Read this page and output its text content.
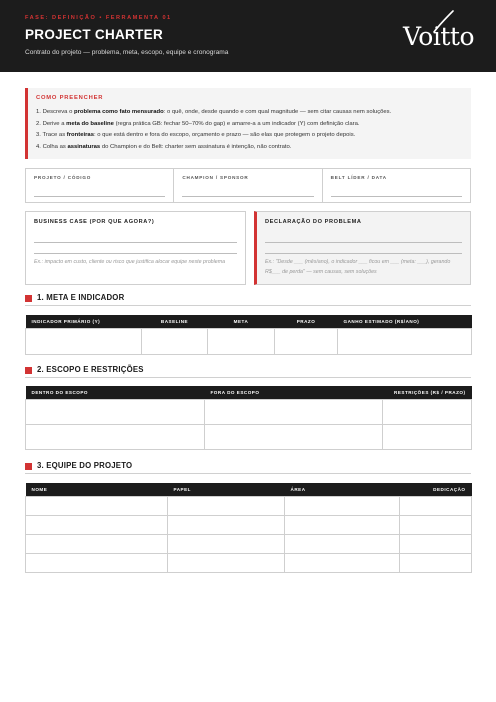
FASE: DEFINIÇÃO • FERRAMENTA 01
PROJECT CHARTER
Contrato do projeto — problema, meta, escopo, equipe e cronograma
Voitto
COMO PREENCHER
1. Descreva o problema como fato mensurado: o quê, onde, desde quando e com qual magnitude — sem citar causas nem soluções.
2. Derive a meta do baseline (regra prática GB: fechar 50–70% do gap) e amarre-a a um indicador (Y) com definição clara.
3. Trace as fronteiras: o que está dentro e fora do escopo, orçamento e prazo — são elas que protegem o projeto depois.
4. Colha as assinaturas do Champion e do Belt: charter sem assinatura é intenção, não contrato.
PROJETO / CÓDIGO	CHAMPION / SPONSOR	BELT LÍDER / DATA
BUSINESS CASE (POR QUE AGORA?)
Ex.: impacto em custo, cliente ou risco que justifica alocar equipe neste problema
DECLARAÇÃO DO PROBLEMA
Ex.: "Desde ___ (mês/ano), o indicador ___ ficou em ___ (meta: ___), gerando R$___ de perda" — sem causas, sem soluções
1. META E INDICADOR
INDICADOR PRIMÁRIO (Y)	BASELINE	META	PRAZO	GANHO ESTIMADO (R$/ANO)

2. ESCOPO E RESTRIÇÕES
DENTRO DO ESCOPO	FORA DO ESCOPO	RESTRIÇÕES (R$ / PRAZO)

3. EQUIPE DO PROJETO
NOME	PAPEL	ÁREA	DEDICAÇÃO
